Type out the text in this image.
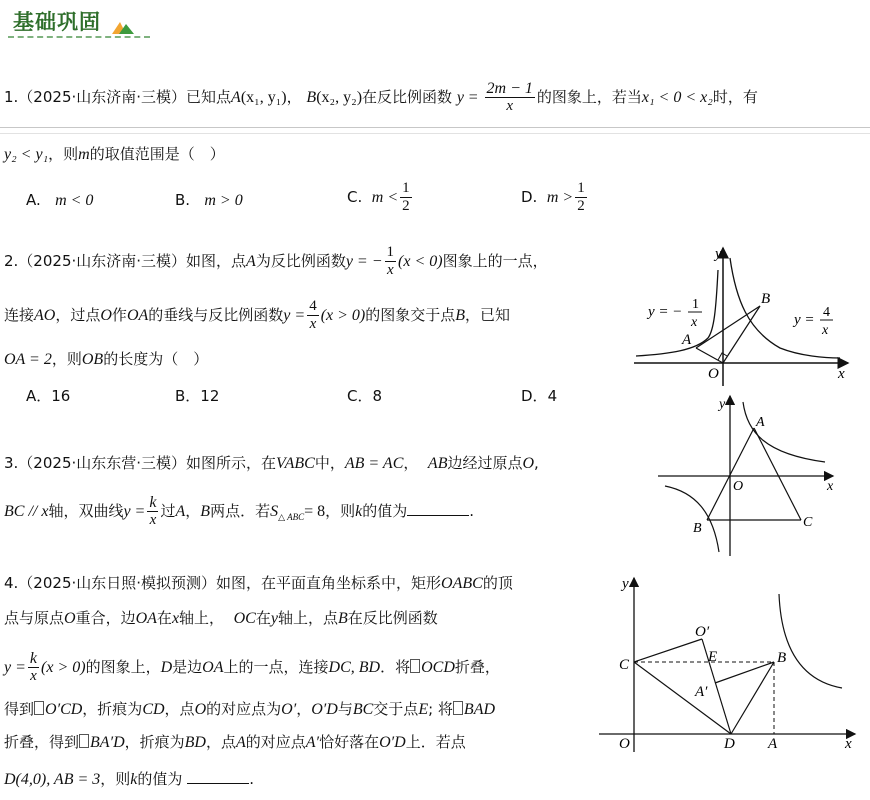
基础巩固
1.（2025·山东济南·三模）已知点A(x₁, y₁)， B(x₂, y₂)在反比例函数 $y = \frac{2m - 1}{x}$ 的图象上，若当x₁ < 0 < x₂时，有
y₂ < y₁，则m的取值范围是（　）
A. m < 0	B. m > 0	C. $m < \frac{1}{2}$	D. $m > \frac{1}{2}$
2.（2025·山东济南·三模）如图，点A为反比例函数y = − $\frac{1}{x} (x < 0)$图象上的一点，
连接AO，过点O作OA的垂线与反比例函数$y = \frac{4}{x} (x > 0)$的图象交于点B，已知
OA = 2，则OB的长度为（　）
A．16	B．12	C．8	D．4
y
x
O
A
B
y = − 1
x	y = 4
x
3.（2025·山东东营·三模）如图所示，在VABC中，AB = AC， AB边经过原点O,
BC // x轴，双曲线$y = \frac{k}{x}$ 过A，B两点．若$S_{\triangle ABC}= 8$，则k的值为	.
y
x
O
A
B	C
4.（2025·山东日照·模拟预测）如图，在平面直角坐标系中，矩形OABC的顶
点与原点O重合，边OA在x轴上， OC在y轴上，点B在反比例函数
$y = \frac{k}{x} (x > 0)$的图象上，D是边OA上的一点，连接DC, BD．将 OCD折叠，
得到 O′CD，折痕为CD，点O的对应点为O′，O′D与BC交于点E; 将 BAD
折叠，得到 BA′D，折痕为BD，点A的对应点A′恰好落在O′D上．若点
D(4,0), AB = 3，则k的值为	.
y
x
O
O′
C	B
E
A′
D A
